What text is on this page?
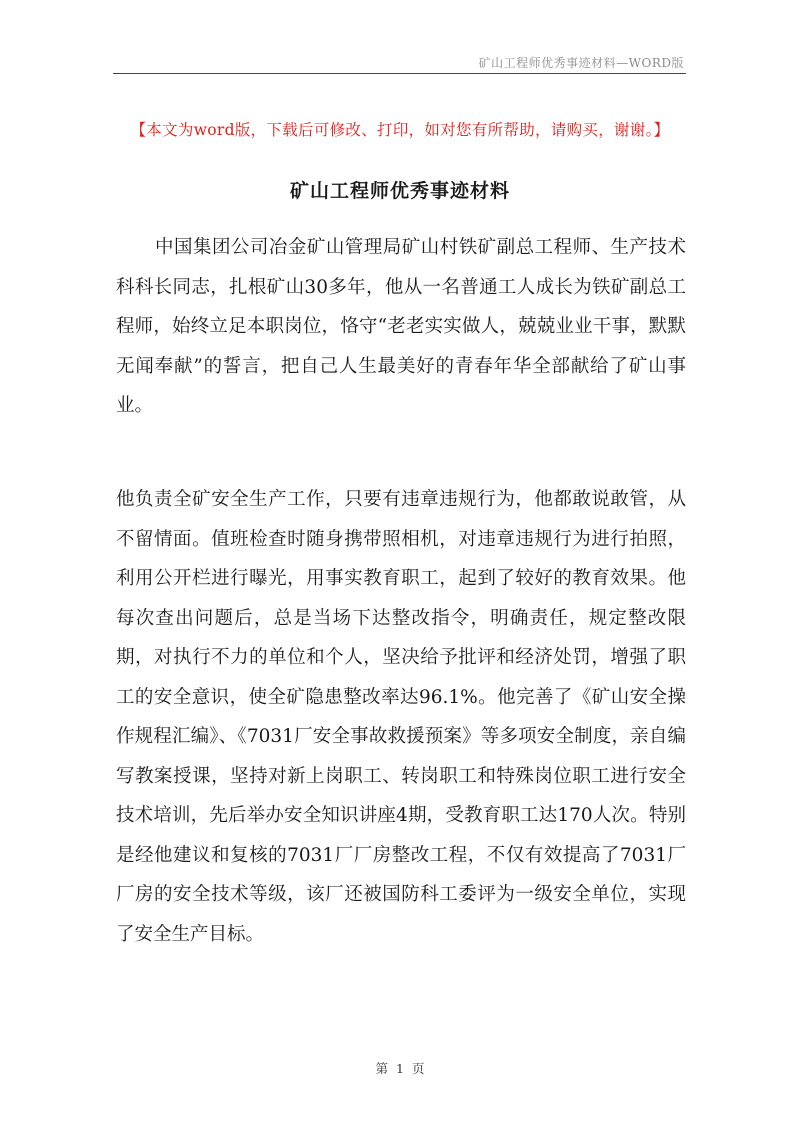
矿山工程师优秀事迹材料—WORD版
【本文为word版，下载后可修改、打印，如对您有所帮助，请购买，谢谢。】
矿山工程师优秀事迹材料

中国集团公司冶金矿山管理局矿山村铁矿副总工程师、生产技术科科长同志，扎根矿山30多年，他从一名普通工人成长为铁矿副总工程师，始终立足本职岗位，恪守“老老实实做人，兢兢业业干事，默默无闻奉献”的誓言，把自己人生最美好的青春年华全部献给了矿山事业。

他负责全矿安全生产工作，只要有违章违规行为，他都敢说敢管，从不留情面。值班检查时随身携带照相机，对违章违规行为进行拍照，利用公开栏进行曝光，用事实教育职工，起到了较好的教育效果。他每次查出问题后，总是当场下达整改指令，明确责任，规定整改限期，对执行不力的单位和个人，坚决给予批评和经济处罚，增强了职工的安全意识，使全矿隐患整改率达96.1%。他完善了《矿山安全操作规程汇编》、《7031厂安全事故救援预案》等多项安全制度，亲自编写教案授课，坚持对新上岗职工、转岗职工和特殊岗位职工进行安全技术培训，先后举办安全知识讲座4期，受教育职工达170人次。特别是经他建议和复核的7031厂厂房整改工程，不仅有效提高了7031厂厂房的安全技术等级，该厂还被国防科工委评为一级安全单位，实现了安全生产目标。

第 1 页
